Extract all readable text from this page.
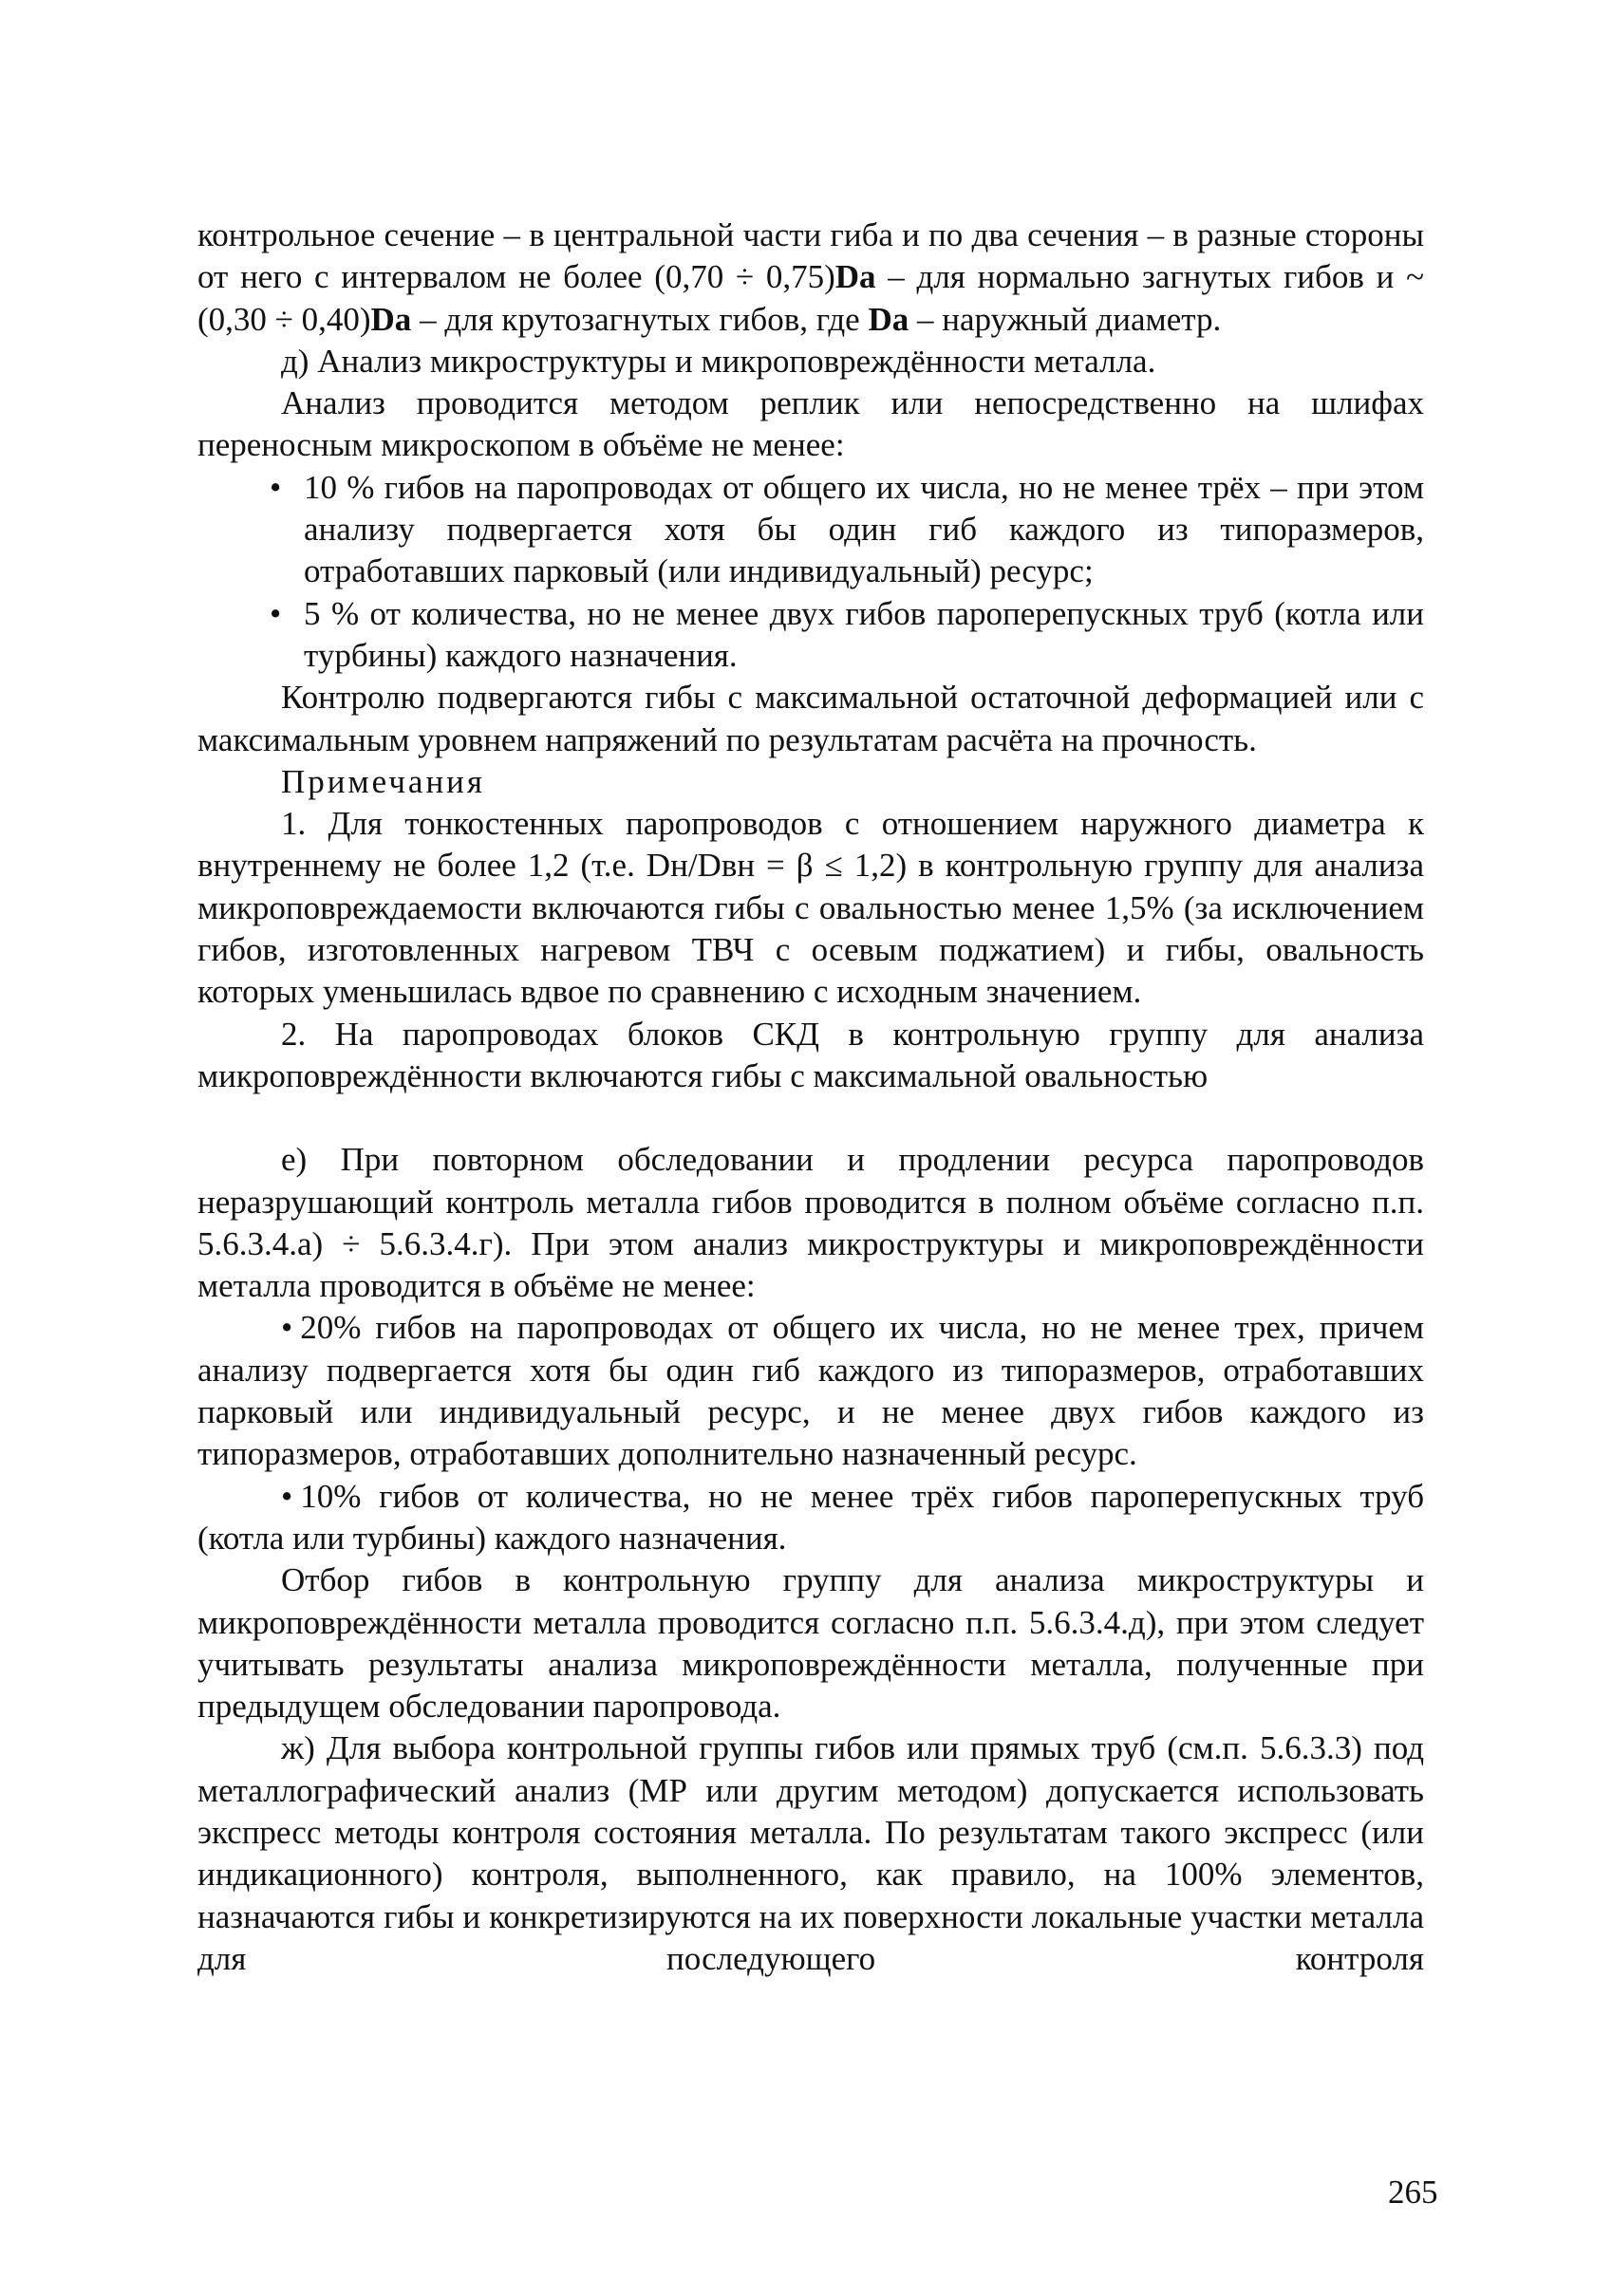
контрольное сечение – в центральной части гиба и по два сечения – в разные стороны от него с интервалом не более (0,70 ÷ 0,75)Da – для нормально загнутых гибов и ~ (0,30 ÷ 0,40)Da – для крутозагнутых гибов, где Da – наружный диаметр.

д) Анализ микроструктуры и микроповреждённости металла.

Анализ проводится методом реплик или непосредственно на шлифах переносным микроскопом в объёме не менее:

• 10 % гибов на паропроводах от общего их числа, но не менее трёх – при этом анализу подвергается хотя бы один гиб каждого из типоразмеров, отработавших парковый (или индивидуальный) ресурс;
• 5 % от количества, но не менее двух гибов пароперепускных труб (котла или турбины) каждого назначения.

Контролю подвергаются гибы с максимальной остаточной деформацией или с максимальным уровнем напряжений по результатам расчёта на прочность.

Примечания

1. Для тонкостенных паропроводов с отношением наружного диаметра к внутреннему не более 1,2 (т.е. Dн/Dвн = β ≤ 1,2) в контрольную группу для анализа микроповреждаемости включаются гибы с овальностью менее 1,5% (за исключением гибов, изготовленных нагревом ТВЧ с осевым поджатием) и гибы, овальность которых уменьшилась вдвое по сравнению с исходным значением.

2. На паропроводах блоков СКД в контрольную группу для анализа микроповреждённости включаются гибы с максимальной овальностью

е) При повторном обследовании и продлении ресурса паропроводов неразрушающий контроль металла гибов проводится в полном объёме согласно п.п. 5.6.3.4.а) ÷ 5.6.3.4.г). При этом анализ микроструктуры и микроповреждённости металла проводится в объёме не менее:

• 20% гибов на паропроводах от общего их числа, но не менее трех, причем анализу подвергается хотя бы один гиб каждого из типоразмеров, отработавших парковый или индивидуальный ресурс, и не менее двух гибов каждого из типоразмеров, отработавших дополнительно назначенный ресурс.

• 10% гибов от количества, но не менее трёх гибов пароперепускных труб (котла или турбины) каждого назначения.

Отбор гибов в контрольную группу для анализа микроструктуры и микроповреждённости металла проводится согласно п.п. 5.6.3.4.д), при этом следует учитывать результаты анализа микроповреждённости металла, полученные при предыдущем обследовании паропровода.

ж) Для выбора контрольной группы гибов или прямых труб (см.п. 5.6.3.3) под металлографический анализ (МР или другим методом) допускается использовать экспресс методы контроля состояния металла. По результатам такого экспресс (или индикационного) контроля, выполненного, как правило, на 100% элементов, назначаются гибы и конкретизируются на их поверхности локальные участки металла для последующего контроля

265
